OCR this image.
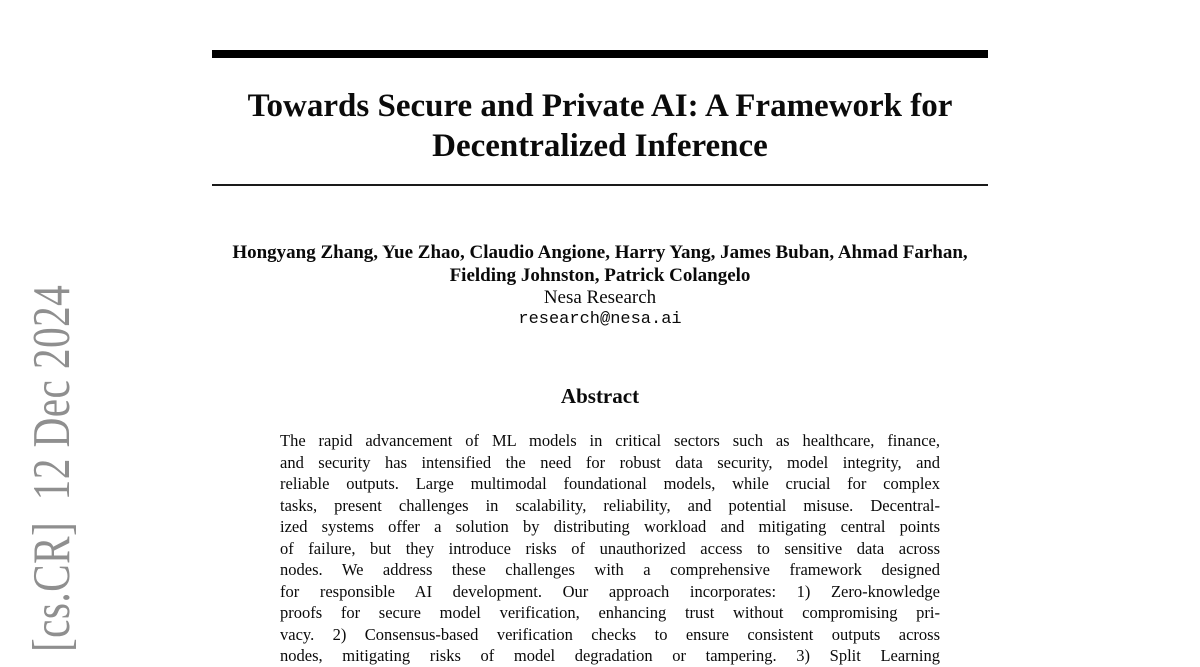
[cs.CR]  12 Dec 2024
Towards Secure and Private AI: A Framework for
Decentralized Inference
Hongyang Zhang, Yue Zhao, Claudio Angione, Harry Yang, James Buban, Ahmad Farhan,
Fielding Johnston, Patrick Colangelo
Nesa Research
research@nesa.ai
Abstract
The rapid advancement of ML models in critical sectors such as healthcare, finance,
and security has intensified the need for robust data security, model integrity, and
reliable outputs. Large multimodal foundational models, while crucial for complex
tasks, present challenges in scalability, reliability, and potential misuse. Decentral-
ized systems offer a solution by distributing workload and mitigating central points
of failure, but they introduce risks of unauthorized access to sensitive data across
nodes. We address these challenges with a comprehensive framework designed
for responsible AI development. Our approach incorporates: 1) Zero-knowledge
proofs for secure model verification, enhancing trust without compromising pri-
vacy. 2) Consensus-based verification checks to ensure consistent outputs across
nodes, mitigating risks of model degradation or tampering. 3) Split Learning
